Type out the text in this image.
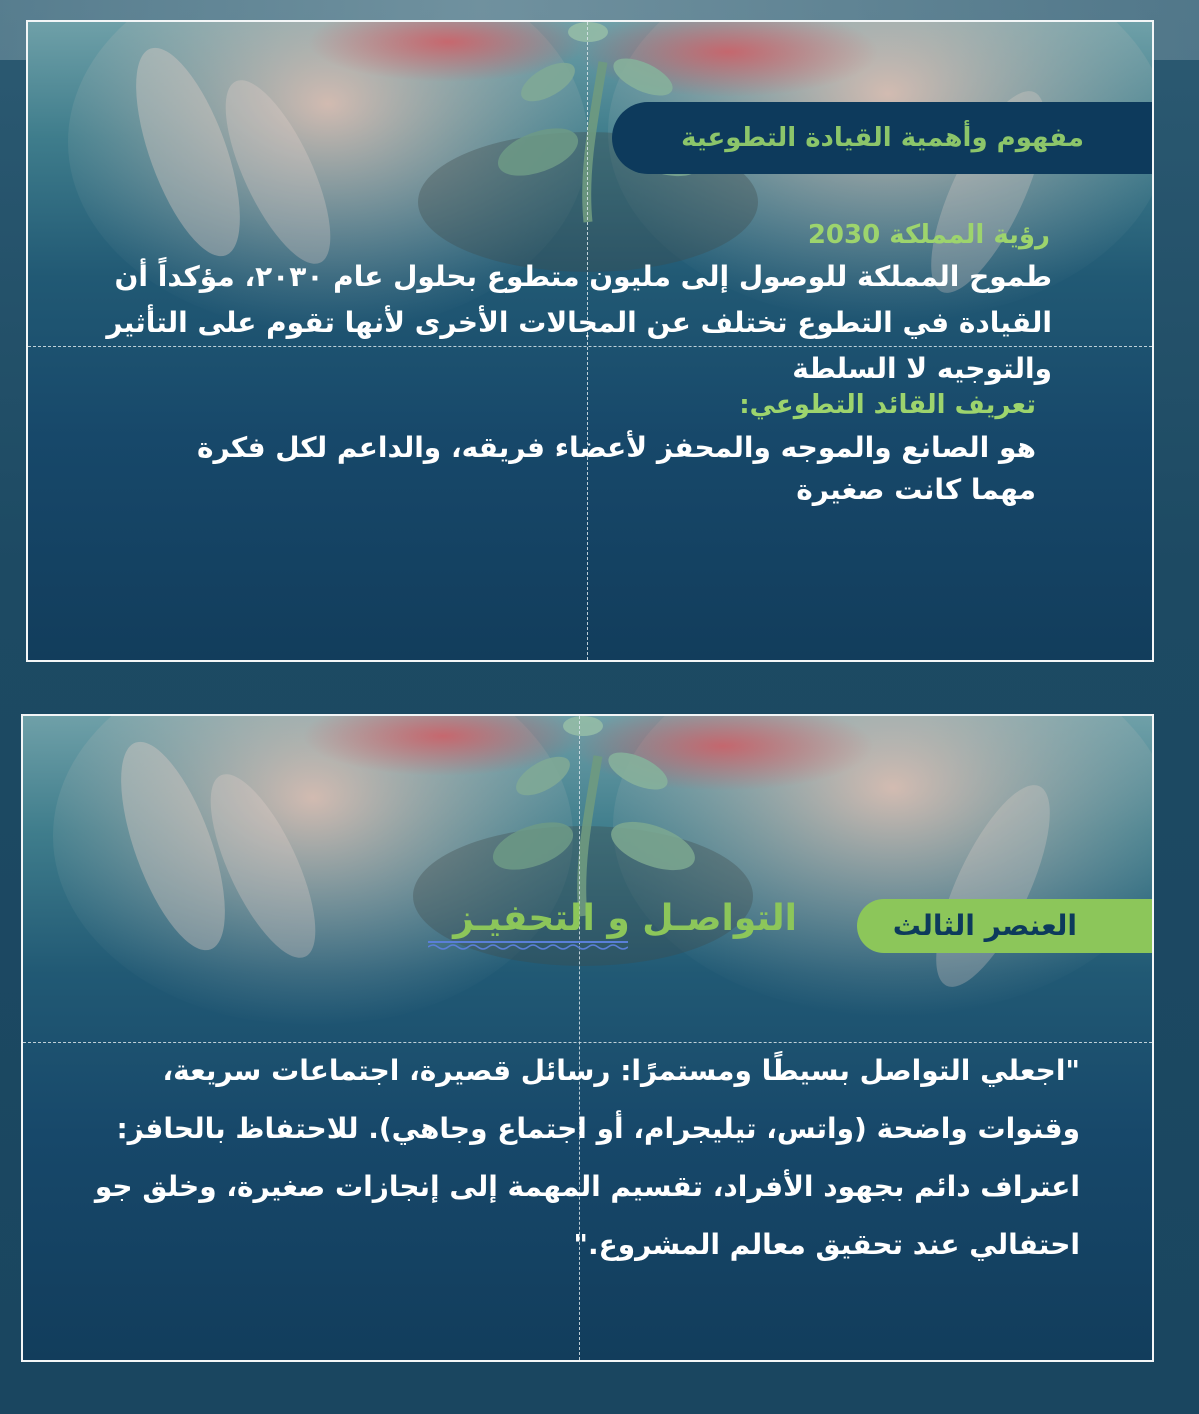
مفهوم وأهمية القيادة التطوعية
رؤية المملكة 2030
طموح المملكة للوصول إلى مليون متطوع بحلول عام ٢٠٣٠، مؤكداً أن القيادة في التطوع تختلف عن المجالات الأخرى لأنها تقوم على التأثير والتوجيه لا السلطة
تعريف القائد التطوعي:
هو الصانع والموجه والمحفز لأعضاء فريقه، والداعم لكل فكرة مهما كانت صغيرة
العنصر الثالث
التواصـل و التحفيـز
"اجعلي التواصل بسيطًا ومستمرًا: رسائل قصيرة، اجتماعات سريعة، وقنوات واضحة (واتس، تيليجرام، أو اجتماع وجاهي). للاحتفاظ بالحافز: اعتراف دائم بجهود الأفراد، تقسيم المهمة إلى إنجازات صغيرة، وخلق جو احتفالي عند تحقيق معالم المشروع."
